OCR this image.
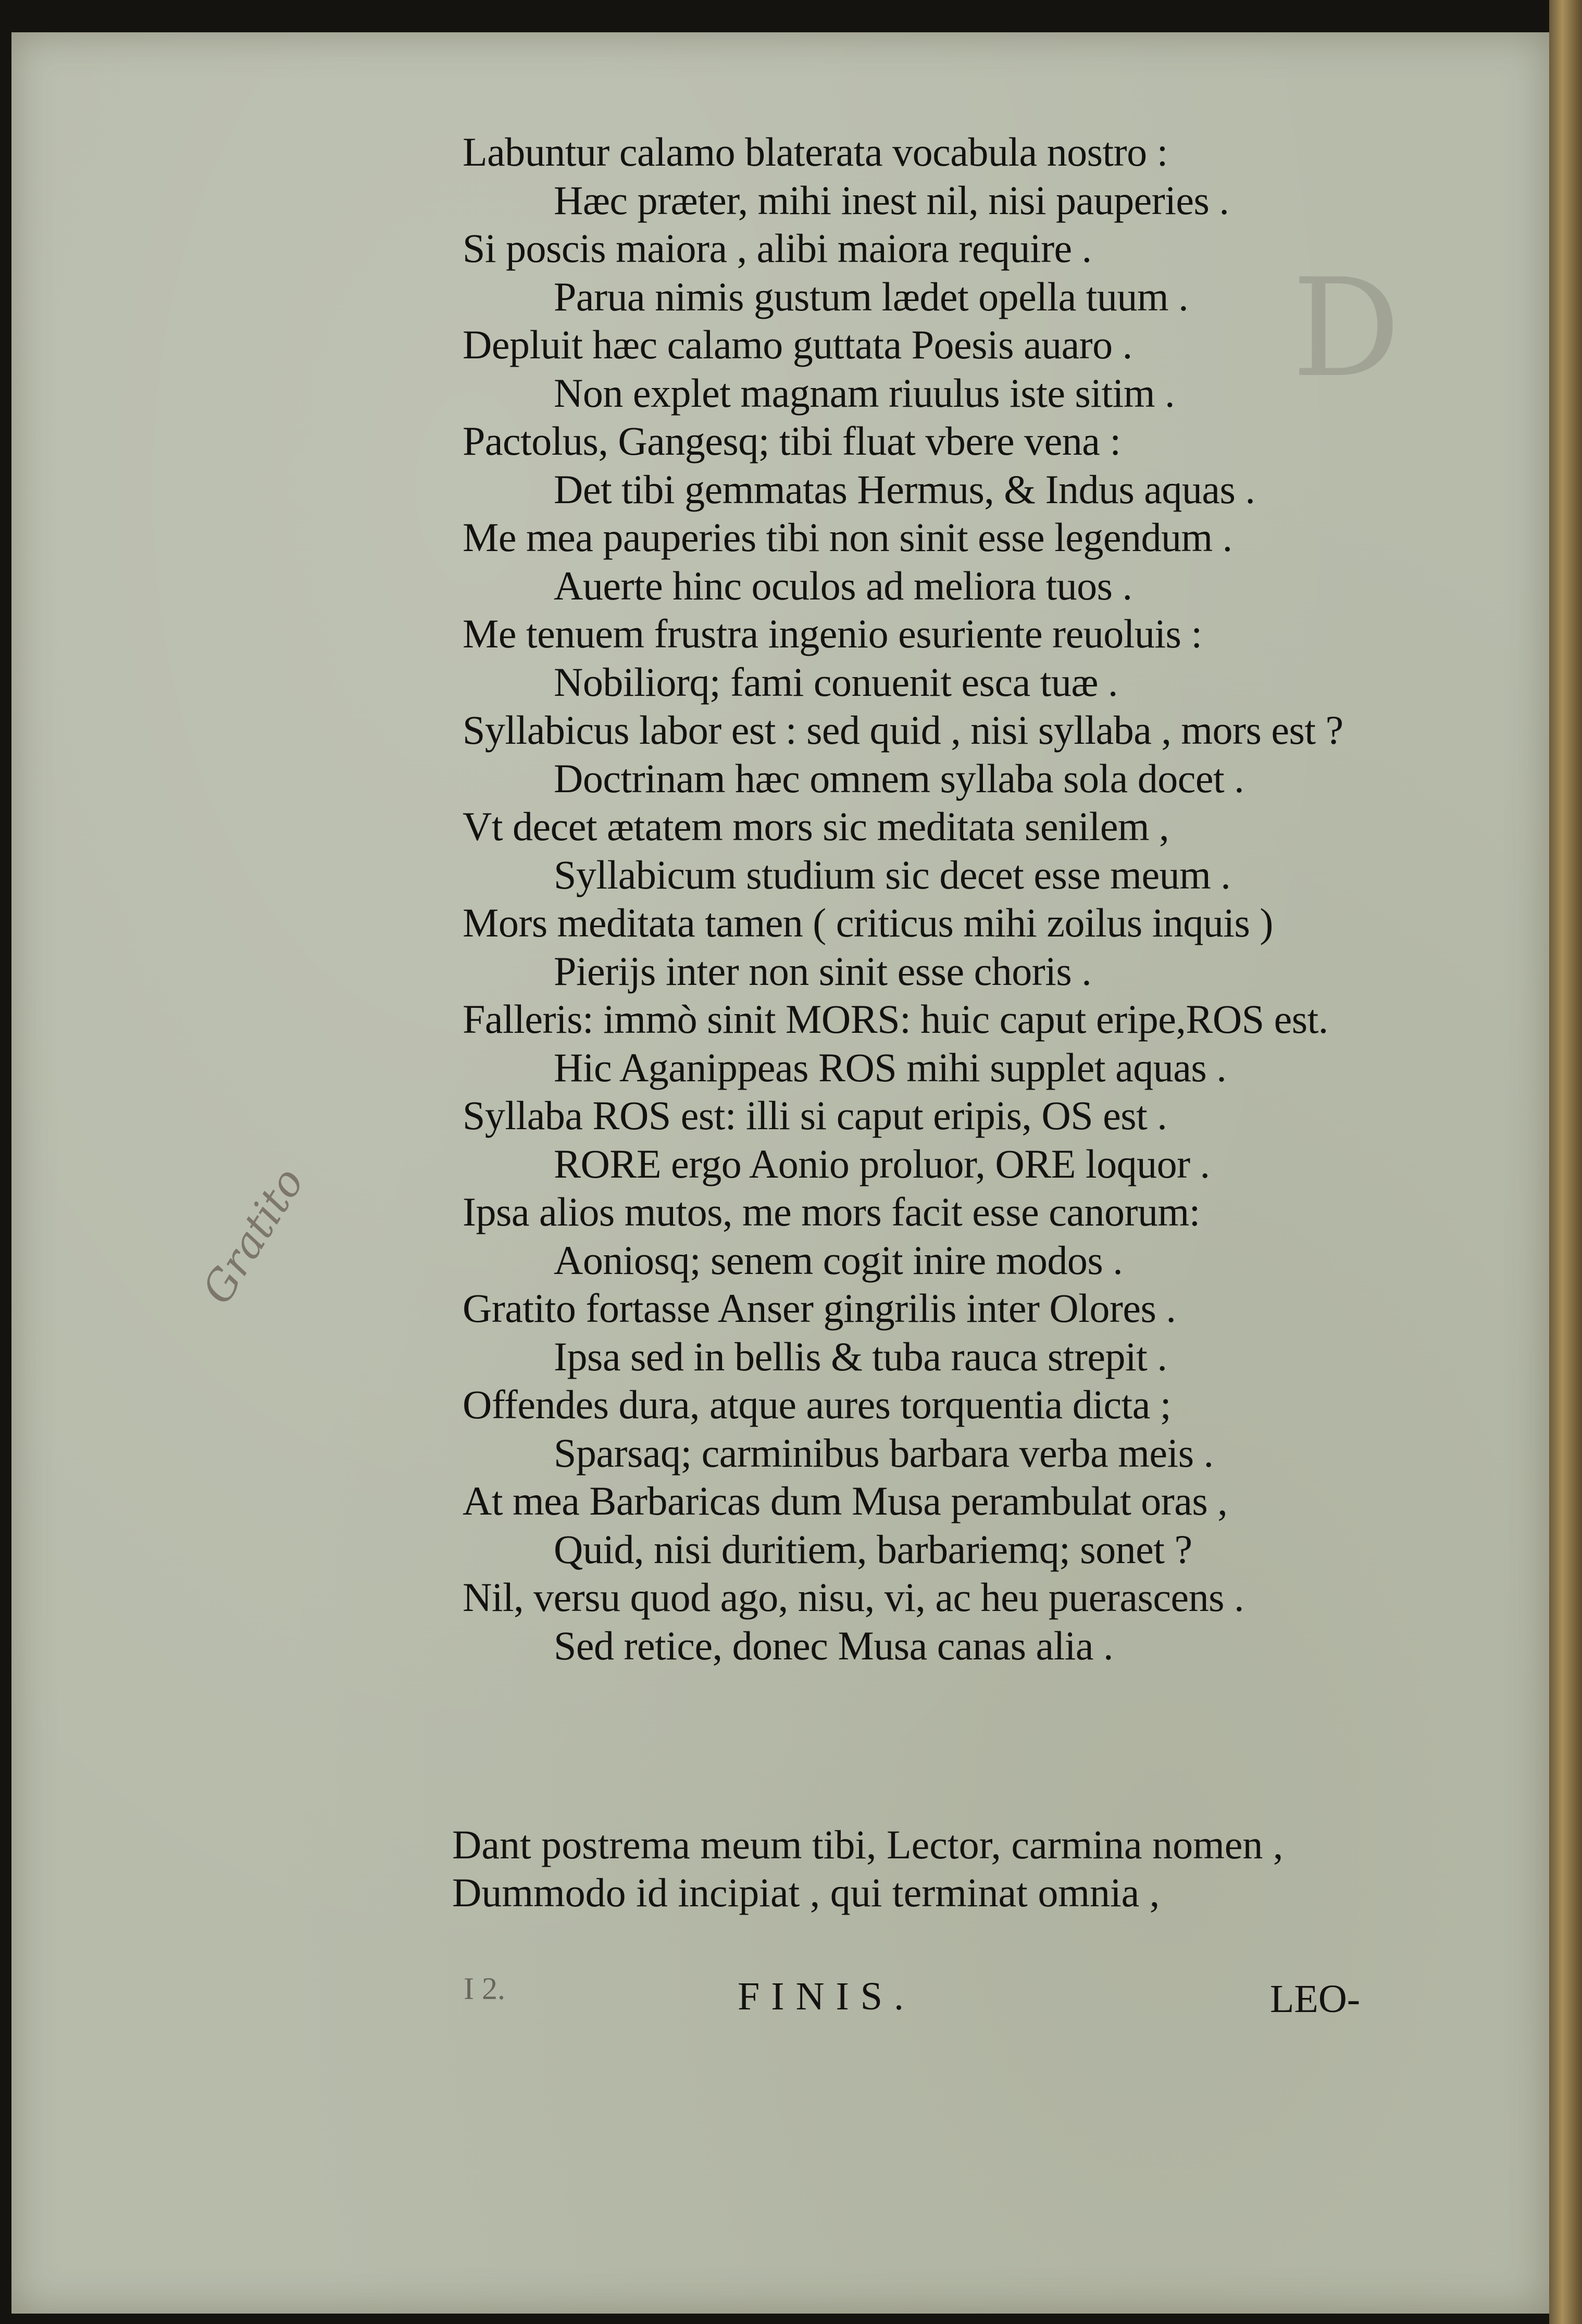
D
Labuntur calamo blaterata vocabula nostro :
Hæc præter, mihi inest nil, nisi pauperies .
Si poscis maiora , alibi maiora require .
Parua nimis gustum lædet opella tuum .
Depluit hæc calamo guttata Poesis auaro .
Non explet magnam riuulus iste sitim .
Pactolus, Gangesq; tibi fluat vbere vena :
Det tibi gemmatas Hermus, & Indus aquas .
Me mea pauperies tibi non sinit esse legendum .
Auerte hinc oculos ad meliora tuos .
Me tenuem frustra ingenio esuriente reuoluis :
Nobiliorq; fami conuenit esca tuæ .
Syllabicus labor est : sed quid , nisi syllaba , mors est ?
Doctrinam hæc omnem syllaba sola docet .
Vt decet ætatem mors sic meditata senilem ,
Syllabicum studium sic decet esse meum .
Mors meditata tamen ( criticus mihi zoilus inquis )
Pierijs inter non sinit esse choris .
Falleris: immò sinit MORS: huic caput eripe,ROS est.
Hic Aganippeas ROS mihi supplet aquas .
Syllaba ROS est: illi si caput eripis, OS est .
RORE ergo Aonio proluor, ORE loquor .
Ipsa alios mutos, me mors facit esse canorum:
Aoniosq; senem cogit inire modos .
Gratito fortasse Anser gingrilis inter Olores .
Ipsa sed in bellis & tuba rauca strepit .
Offendes dura, atque aures torquentia dicta ;
Sparsaq; carminibus barbara verba meis .
At mea Barbaricas dum Musa perambulat oras ,
Quid, nisi duritiem, barbariemq; sonet ?
Nil, versu quod ago, nisu, vi, ac heu puerascens .
Sed retice, donec Musa canas alia .
Dant postrema meum tibi, Lector, carmina nomen ,
Dummodo id incipiat , qui terminat omnia ,
I 2.	FINIS.	LEO-
Gratito
